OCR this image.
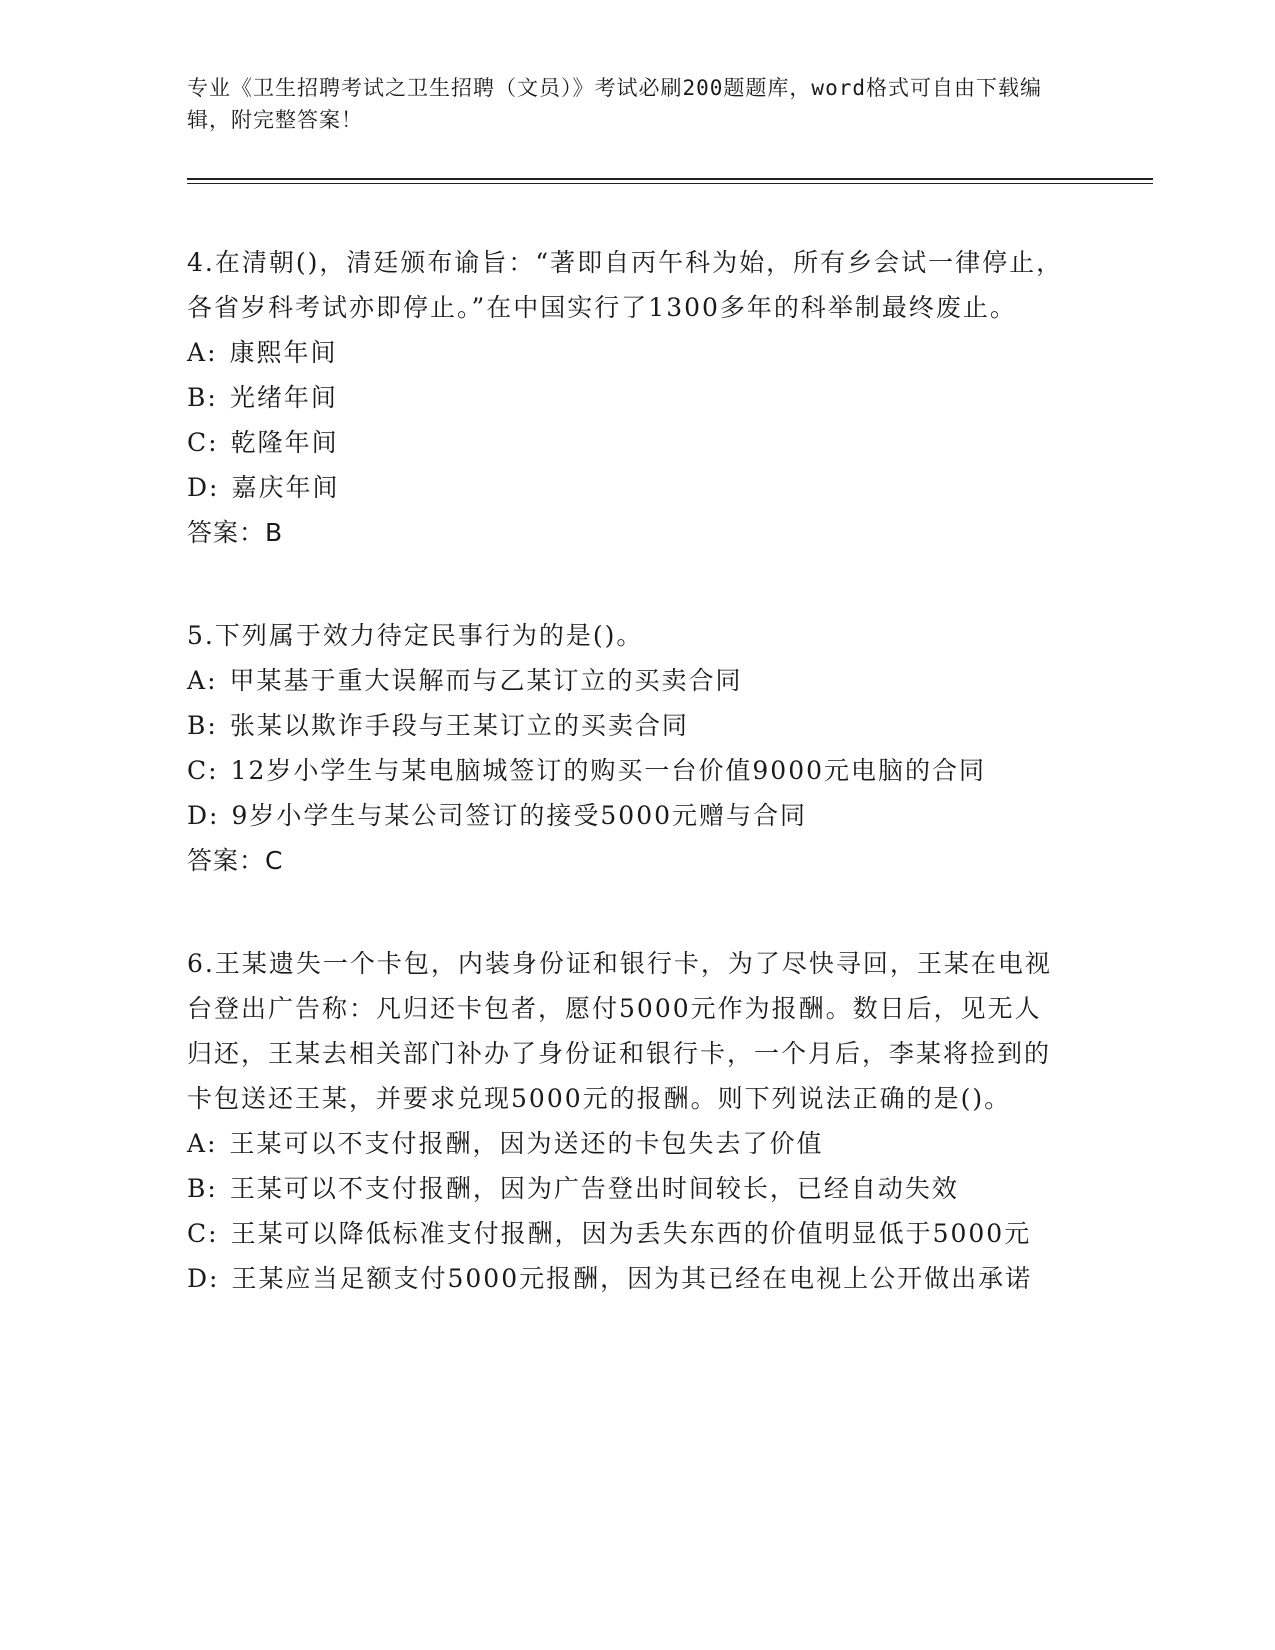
专业《卫生招聘考试之卫生招聘（文员）》考试必刷200题题库，word格式可自由下载编辑，附完整答案！
4.在清朝()，清廷颁布谕旨：“著即自丙午科为始，所有乡会试一律停止，各省岁科考试亦即停止。”在中国实行了1300多年的科举制最终废止。
A : 康熙年间
B : 光绪年间
C : 乾隆年间
D : 嘉庆年间
答案：B
5.下列属于效力待定民事行为的是()。
A : 甲某基于重大误解而与乙某订立的买卖合同
B : 张某以欺诈手段与王某订立的买卖合同
C : 12岁小学生与某电脑城签订的购买一台价值9000元电脑的合同
D : 9岁小学生与某公司签订的接受5000元赠与合同
答案：C
6.王某遗失一个卡包，内装身份证和银行卡，为了尽快寻回，王某在电视台登出广告称：凡归还卡包者，愿付5000元作为报酬。数日后，见无人归还，王某去相关部门补办了身份证和银行卡，一个月后，李某将捡到的卡包送还王某，并要求兑现5000元的报酬。则下列说法正确的是()。
A : 王某可以不支付报酬，因为送还的卡包失去了价值
B : 王某可以不支付报酬，因为广告登出时间较长，已经自动失效
C : 王某可以降低标准支付报酬，因为丢失东西的价值明显低于5000元
D : 王某应当足额支付5000元报酬，因为其已经在电视上公开做出承诺
